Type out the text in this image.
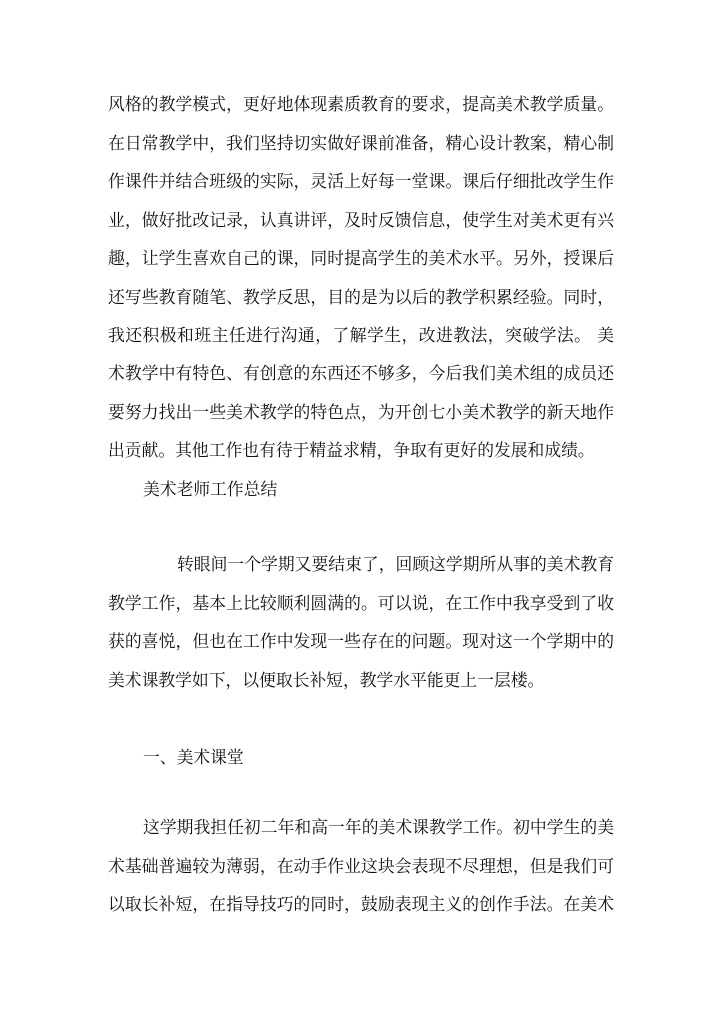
风格的教学模式，更好地体现素质教育的要求，提高美术教学质量。
在日常教学中，我们坚持切实做好课前准备，精心设计教案，精心制
作课件并结合班级的实际，灵活上好每一堂课。课后仔细批改学生作
业，做好批改记录，认真讲评，及时反馈信息，使学生对美术更有兴
趣，让学生喜欢自己的课，同时提高学生的美术水平。另外，授课后
还写些教育随笔、教学反思，目的是为以后的教学积累经验。同时，
我还积极和班主任进行沟通，了解学生，改进教法，突破学法。 美
术教学中有特色、有创意的东西还不够多，今后我们美术组的成员还
要努力找出一些美术教学的特色点，为开创七小美术教学的新天地作
出贡献。其他工作也有待于精益求精，争取有更好的发展和成绩。
美术老师工作总结
转眼间一个学期又要结束了，回顾这学期所从事的美术教育
教学工作，基本上比较顺利圆满的。可以说，在工作中我享受到了收
获的喜悦，但也在工作中发现一些存在的问题。现对这一个学期中的
美术课教学如下，以便取长补短，教学水平能更上一层楼。
一、美术课堂
这学期我担任初二年和高一年的美术课教学工作。初中学生的美
术基础普遍较为薄弱，在动手作业这块会表现不尽理想，但是我们可
以取长补短，在指导技巧的同时，鼓励表现主义的创作手法。在美术
